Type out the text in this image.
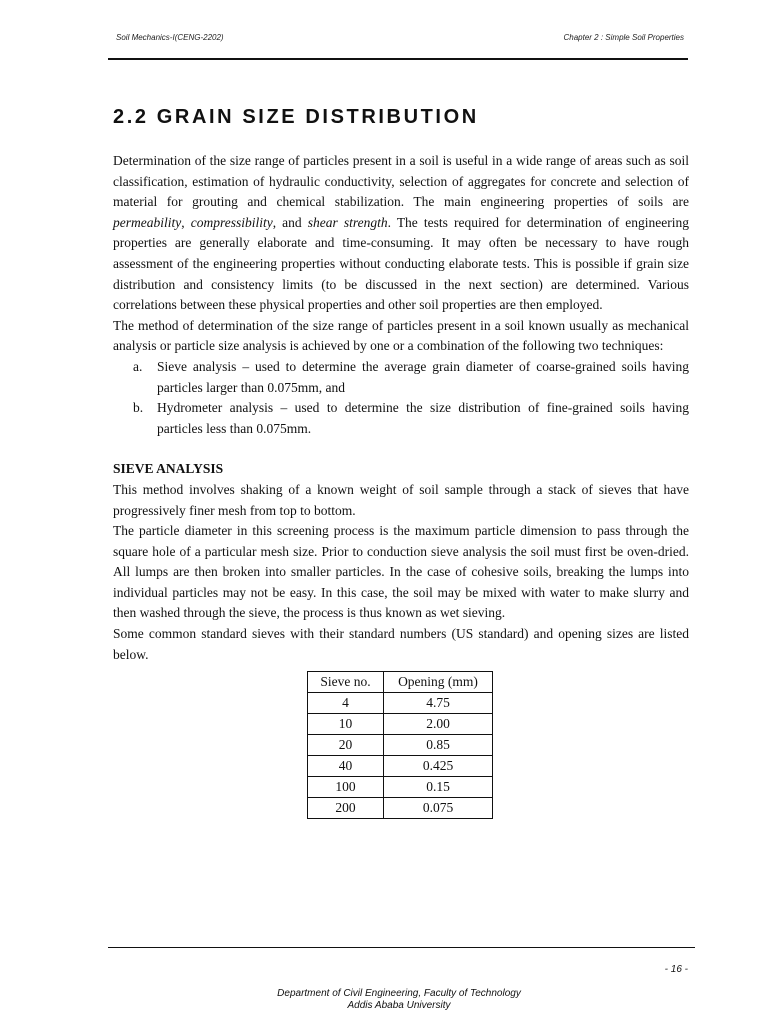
Soil Mechanics-I(CENG-2202)	Chapter 2 : Simple Soil Properties
2.2 GRAIN SIZE DISTRIBUTION

Determination of the size range of particles present in a soil is useful in a wide range of areas such as soil classification, estimation of hydraulic conductivity, selection of aggregates for concrete and selection of material for grouting and chemical stabilization. The main engineering properties of soils are permeability, compressibility, and shear strength. The tests required for determination of engineering properties are generally elaborate and time-consuming. It may often be necessary to have rough assessment of the engineering properties without conducting elaborate tests. This is possible if grain size distribution and consistency limits (to be discussed in the next section) are determined. Various correlations between these physical properties and other soil properties are then employed.

The method of determination of the size range of particles present in a soil known usually as mechanical analysis or particle size analysis is achieved by one or a combination of the following two techniques:

a. Sieve analysis – used to determine the average grain diameter of coarse-grained soils having particles larger than 0.075mm, and
b. Hydrometer analysis – used to determine the size distribution of fine-grained soils having particles less than 0.075mm.

SIEVE ANALYSIS

This method involves shaking of a known weight of soil sample through a stack of sieves that have progressively finer mesh from top to bottom.

The particle diameter in this screening process is the maximum particle dimension to pass through the square hole of a particular mesh size. Prior to conduction sieve analysis the soil must first be oven-dried. All lumps are then broken into smaller particles. In the case of cohesive soils, breaking the lumps into individual particles may not be easy. In this case, the soil may be mixed with water to make slurry and then washed through the sieve, the process is thus known as wet sieving.

Some common standard sieves with their standard numbers (US standard) and opening sizes are listed below.

Sieve no.	Opening (mm)
4	4.75
10	2.00
20	0.85
40	0.425
100	0.15
200	0.075
- 16 -
Department of Civil Engineering, Faculty of Technology
Addis Ababa University
